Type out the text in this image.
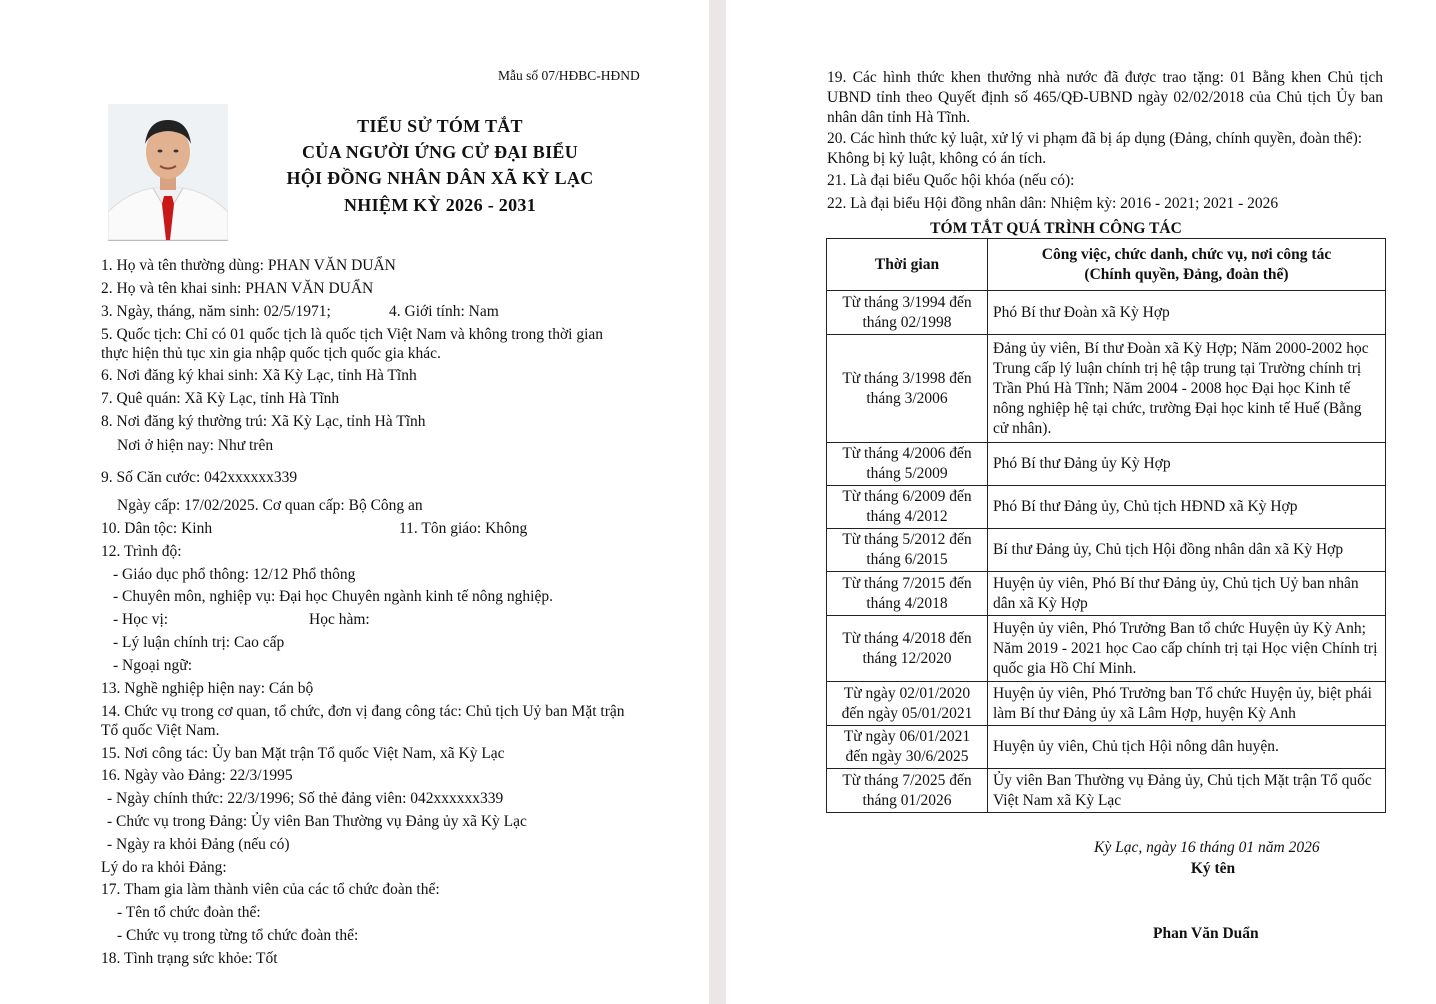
Mẫu số 07/HĐBC-HĐND
TIỂU SỬ TÓM TẮT
CỦA NGƯỜI ỨNG CỬ ĐẠI BIỂU
HỘI ĐỒNG NHÂN DÂN XÃ KỲ LẠC
NHIỆM KỲ 2026 - 2031
1. Họ và tên thường dùng: PHAN VĂN DUẨN
2. Họ và tên khai sinh: PHAN VĂN DUẨN
3. Ngày, tháng, năm sinh: 02/5/1971;	4. Giới tính: Nam
5. Quốc tịch: Chỉ có 01 quốc tịch là quốc tịch Việt Nam và không trong thời gian
thực hiện thủ tục xin gia nhập quốc tịch quốc gia khác.
6. Nơi đăng ký khai sinh: Xã Kỳ Lạc, tỉnh Hà Tĩnh
7. Quê quán: Xã Kỳ Lạc, tỉnh Hà Tĩnh
8. Nơi đăng ký thường trú: Xã Kỳ Lạc, tỉnh Hà Tĩnh
Nơi ở hiện nay: Như trên
9. Số Căn cước: 042xxxxxx339
Ngày cấp: 17/02/2025. Cơ quan cấp: Bộ Công an
10. Dân tộc: Kinh	11. Tôn giáo: Không
12. Trình độ:
- Giáo dục phổ thông: 12/12 Phổ thông
- Chuyên môn, nghiệp vụ: Đại học Chuyên ngành kinh tế nông nghiệp.
- Học vị:	Học hàm:
- Lý luận chính trị: Cao cấp
- Ngoại ngữ:
13. Nghề nghiệp hiện nay: Cán bộ
14. Chức vụ trong cơ quan, tổ chức, đơn vị đang công tác: Chủ tịch Uỷ ban Mặt trận
Tổ quốc Việt Nam.
15. Nơi công tác: Ủy ban Mặt trận Tổ quốc Việt Nam, xã Kỳ Lạc
16. Ngày vào Đảng: 22/3/1995
- Ngày chính thức: 22/3/1996; Số thẻ đảng viên: 042xxxxxx339
- Chức vụ trong Đảng: Ủy viên Ban Thường vụ Đảng ủy xã Kỳ Lạc
- Ngày ra khỏi Đảng (nếu có)
Lý do ra khỏi Đảng:
17. Tham gia làm thành viên của các tổ chức đoàn thể:
- Tên tổ chức đoàn thể:
- Chức vụ trong từng tổ chức đoàn thể:
18. Tình trạng sức khỏe: Tốt
19. Các hình thức khen thưởng nhà nước đã được trao tặng: 01 Bằng khen Chủ tịch UBND tỉnh theo Quyết định số 465/QĐ-UBND ngày 02/02/2018 của Chủ tịch Ủy ban nhân dân tỉnh Hà Tĩnh.
20. Các hình thức kỷ luật, xử lý vi phạm đã bị áp dụng (Đảng, chính quyền, đoàn thể): Không bị kỷ luật, không có án tích.
21. Là đại biểu Quốc hội khóa (nếu có):
22. Là đại biểu Hội đồng nhân dân: Nhiệm kỳ: 2016 - 2021; 2021 - 2026
TÓM TẮT QUÁ TRÌNH CÔNG TÁC
Thời gian	Công việc, chức danh, chức vụ, nơi công tác
(Chính quyền, Đảng, đoàn thể)

Từ tháng 3/1994 đến tháng 02/1998	Phó Bí thư Đoàn xã Kỳ Hợp
Từ tháng 3/1998 đến tháng 3/2006	Đảng ủy viên, Bí thư Đoàn xã Kỳ Hợp; Năm 2000-2002 học Trung cấp lý luận chính trị hệ tập trung tại Trường chính trị Trần Phú Hà Tĩnh; Năm 2004 - 2008 học Đại học Kinh tế nông nghiệp hệ tại chức, trường Đại học kinh tế Huế (Bằng cử nhân).
Từ tháng 4/2006 đến tháng 5/2009	Phó Bí thư Đảng ủy Kỳ Hợp
Từ tháng 6/2009 đến tháng 4/2012	Phó Bí thư Đảng ủy, Chủ tịch HĐND xã Kỳ Hợp
Từ tháng 5/2012 đến tháng 6/2015	Bí thư Đảng ủy, Chủ tịch Hội đồng nhân dân xã Kỳ Hợp
Từ tháng 7/2015 đến tháng 4/2018	Huyện ủy viên, Phó Bí thư Đảng ủy, Chủ tịch Uỷ ban nhân dân xã Kỳ Hợp
Từ tháng 4/2018 đến tháng 12/2020	Huyện ủy viên, Phó Trưởng Ban tổ chức Huyện ủy Kỳ Anh; Năm 2019 - 2021 học Cao cấp chính trị tại Học viện Chính trị quốc gia Hồ Chí Minh.
Từ ngày 02/01/2020 đến ngày 05/01/2021	Huyện ủy viên, Phó Trưởng ban Tổ chức Huyện ủy, biệt phái làm Bí thư Đảng ủy xã Lâm Hợp, huyện Kỳ Anh
Từ ngày 06/01/2021 đến ngày 30/6/2025	Huyện ủy viên, Chủ tịch Hội nông dân huyện.
Từ tháng 7/2025 đến tháng 01/2026	Ủy viên Ban Thường vụ Đảng ủy, Chủ tịch Mặt trận Tổ quốc Việt Nam xã Kỳ Lạc
Kỳ Lạc, ngày 16 tháng 01 năm 2026
Ký tên
Phan Văn Duẩn
